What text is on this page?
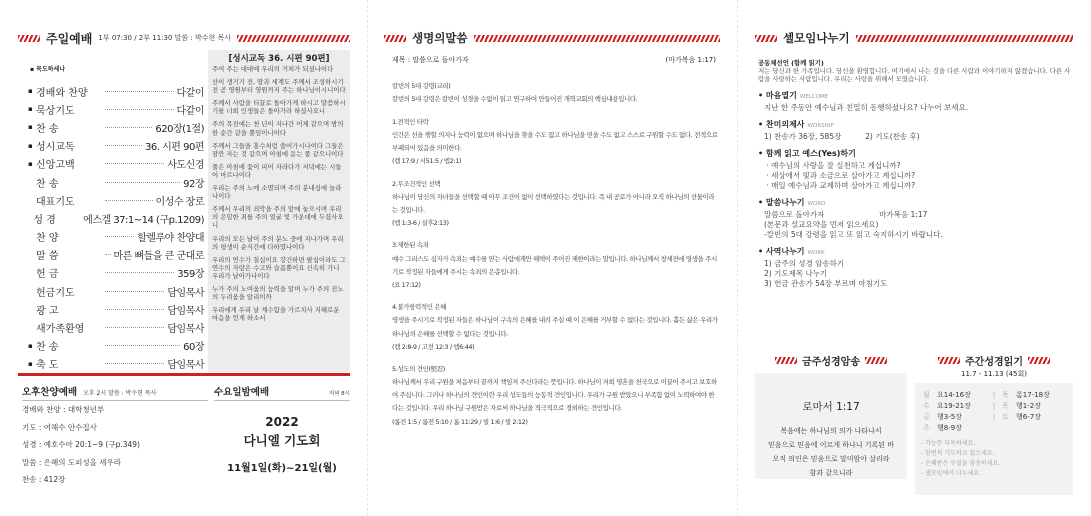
주일예배 1부 07:30 / 2부 11:30 말씀 : 박수현 목사
▪ 묵도하세나
▪ 경배와 찬양	다같이
▪ 묵상기도	다같이
▪ 찬 송	620장(1절)
▪ 성시교독	36. 시편 90편
▪ 신앙고백	사도신경
찬 송	92장
대표기도	이성수 장로
성 경	에스겔 37:1~14 (구p.1209)
찬 양	할렐루야 찬양대
말 씀	마른 뼈들을 큰 군대로
헌 금	359장
헌금기도	담임목사
광 고	담임목사
새가족환영	담임목사
▪ 찬 송	60장
▪ 축 도	담임목사
[성시교독 36. 시편 90편]
주여 주는 대대에 우리의 거처가 되셨나이다
산이 생기기 전, 땅과 세계도 주께서 조성하시기 전 곧 영원부터 영원까지 주는 하나님이시니이다
주께서 사람을 티끌로 돌아가게 하시고 말씀하시기를 너희 인생들은 돌아가라 하셨사오니
주의 목전에는 천 년이 지나간 어제 같으며 밤의 한 순간 같을 뿐임이니이다
주께서 그들을 홍수처럼 쓸어가시나이다 그들은 잠깐 자는 것 같으며 아침에 돋는 풀 같으니이다
풀은 아침에 꽃이 피어 자라다가 저녁에는 시들어 마르나이다
우리는 주의 노에 소멸되며 주의 분내심에 놀라나이다
주께서 우리의 죄악을 주의 앞에 놓으시며 우리의 은밀한 죄를 주의 얼굴 빛 가운데에 두셨사오니
우리의 모든 날이 주의 분노 중에 지나가며 우리의 평생이 순식간에 다하였나이다
우리의 연수가 칠십이요 강건하면 팔십이라도 그 연수의 자랑은 수고와 슬픔뿐이요 신속히 가니 우리가 날아가나이다
누가 주의 노여움의 능력을 알며 누가 주의 진노의 두려움을 알리이까
우리에게 우리 날 계수함을 가르치사 지혜로운 마음을 얻게 하소서
오후찬양예배 오후 2시 말씀 : 박수현 목사
경배와 찬양 : 대학청년부
기도 : 여해수 안수집사
성경 : 예호수아 20:1~9 (구p.349)
말씀 : 은혜의 도피성을 세우라
찬송 : 412장
수요일밤예배	저녁 8시
2022
다니엘 기도회
11월1일(화)~21일(월)
생명의말씀
제목 : 말씀으로 돌아가자	(마가복음 1:17)
칼빈의 5대 강령(교리)
칼빈의 5대 강령은 칼빈이 성경을 수없이 읽고 연구하여 만들어진 개혁교회의 핵심내용입니다.
1.전적인 타락
인간은 선을 행할 의지나 능력이 없으며 하나님을 찾을 수도 없고 하나님을 믿을 수도 없고 스스로 구원할 수도 없다. 전적으로 부패되어 있음을 의미한다.
(렘 17:9 / 시51:5 / 엡2:1)
2.무조건적인 선택
하나님이 당신의 자녀들을 선택할 때 아무 조건이 없이 선택하였다는 것입니다. 즉 내 공로가 아니라 오직 하나님의 선물이라는 것입니다.
(엡 1:3-6 / 살후2:13)
3.제한된 속죄
예수 그리스도 십자가 속죄는 예수를 믿는 사람에게만 해택이 주어진 제한이라는 말입니다. 하나님께서 창세전에 영생을 주시기로 작정된 자들에게 주시는 속죄의 은총입니다.
(요 17:12)
4.불가항력적인 은혜
영생을 주시기로 작정된 자들은 하나님이 구속의 은혜를 내려 주실 때 이 은혜를 거부할 수 없다는 것입니다. 홀든 삶은 우리가 하나님의 은혜를 선택할 수 없다는 것입니다.
(렘 2:8-9 / 고전 12:3 / 엡6:44)
5.성도의 견인(堅忍)
하나님께서 우리 구원을 처음부터 끝까지 책임져 주신다라는 뜻입니다. 하나님이 저희 영혼을 천국으로 이끌어 주시고 보호하여 주십니다. 그러나 하나님의 견인이란 우리 성도들의 능동적 견인입니다. 우리가 구원 받았으니 부족함 없이 노력하여야 한다는 것입니다. 우리 하나님 구원받은 자로써 하나님을 적극적으로 경외하는 견인입니다.
(롬전 1:5 / 롬전 5:10 / 롬 11:29 / 빌 1:6 / 빌 2:12)
셀모임나누기
공동체선언 (함께 읽기)
저는 당신과 한 가족입니다. 당신을 환영합니다. 여기에서 나는 것을 다른 사람과 이야기하지 않겠습니다. 다른 사람을 사랑하는 사람입니다. 우리는 사랑을 위해서 모였습니다.
• 마음열기 WELCOME
지난 한 주동안 예수님과 친밀히 동행하셨나요? 나누어 보세요.
• 찬미의제사 WORSHIP
1) 찬송가 36장, 585장          2) 기도(찬송 후)
• 함께 읽고 예스(Yes)하기
· 예수님의 사랑을 잘 실천하고 계십니까?
· 세상에서 빛과 소금으로 살아가고 계십니까?
· 매일 예수님과 교제하며 살아가고 계십니까?
• 말씀나누기 WORD
말씀으로 돌아가자                       마가복음 1:17
(본문과 설교요약을 먼저 읽으세요)
-칼빈의 5대 강령을 읽고 또 읽고 숙지하시기 바랍니다.
• 사역나누기 WORK
1) 금주의 성경 암송하기
2) 기도제목 나누기
3) 헌금 관송가 54장 부르며 마침기도
금주성경암송
로마서 1:17
복음에는 하나님의 의가 나타나서
믿음으로 믿음에 이르게 하나니 기록된 바
오직 의인은 믿음으로 말미암아 살리라
함과 같으니라
주간성경읽기
11.7 - 11.13 (45회)
월	요14-16장	|	목	롬17-18장
수	요19-21장	|	목	행1-2장
금	행3-5장	|	토	행6-7장
주	행8-9장			
- 가능한 다독하세요.
- 한번씩 기도하고 읽으세요.
- 은혜받은 구절을 암송하세요.
- 셀모임에서 나누세요.
